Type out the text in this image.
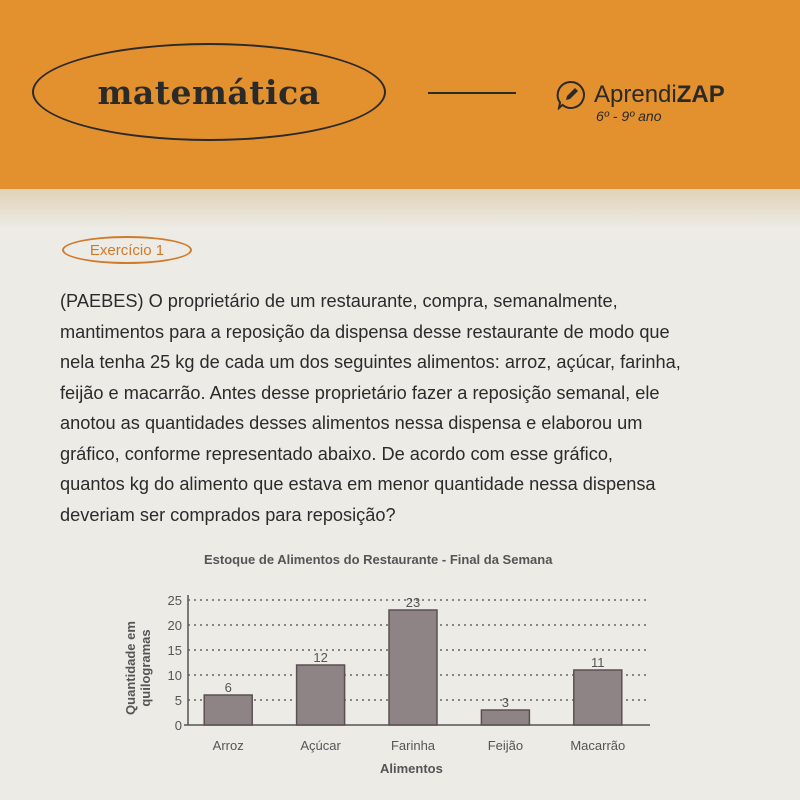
matemática	Aprendi ZAP
6º - 9º ano
Exercício 1
(PAEBES) O proprietário de um restaurante, compra, semanalmente,
mantimentos para a reposição da dispensa desse restaurante de modo que
nela tenha 25 kg de cada um dos seguintes alimentos: arroz, açúcar, farinha,
feijão e macarrão. Antes desse proprietário fazer a reposição semanal, ele
anotou as quantidades desses alimentos nessa dispensa e elaborou um
gráfico, conforme representado abaixo. De acordo com esse gráfico,
quantos kg do alimento que estava em menor quantidade nessa dispensa
deveriam ser comprados para reposição?
Estoque de Alimentos do Restaurante - Final da Semana
Quantidade em quilogramas
Alimentos
0
5
10
15
20
25
6
Arroz
12
Açúcar
23
Farinha
3
Feijão
11
Macarrão
